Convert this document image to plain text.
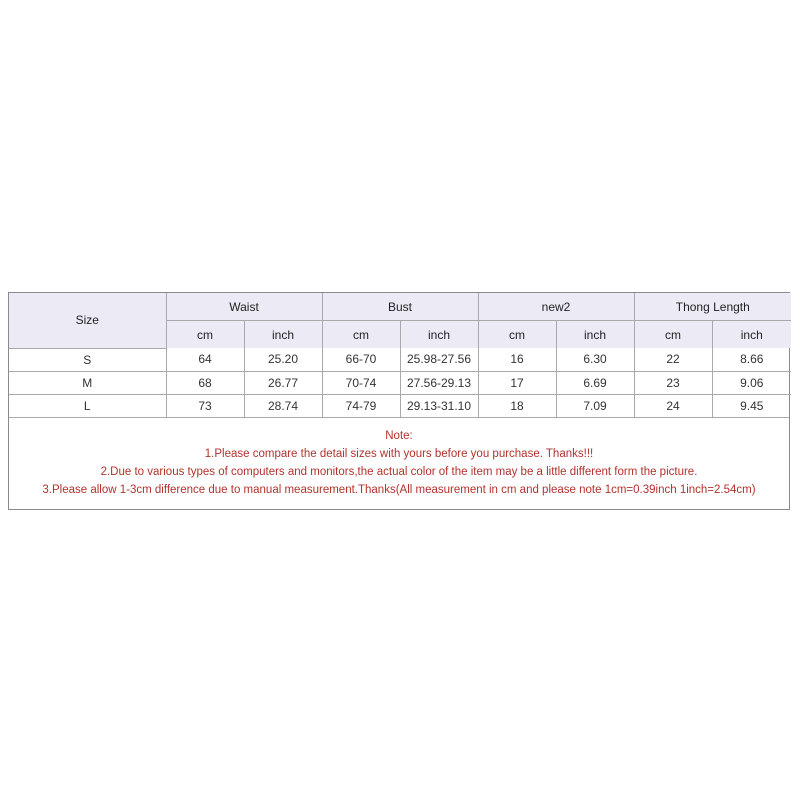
Size	Waist		Bust		new2		Thong Length	
	cm	inch	cm	inch	cm	inch	cm	inch
S	64	25.20	66-70	25.98-27.56	16	6.30	22	8.66
M	68	26.77	70-74	27.56-29.13	17	6.69	23	9.06
L	73	28.74	74-79	29.13-31.10	18	7.09	24	9.45
Note:
1.Please compare the detail sizes with yours before you purchase. Thanks!!!
2.Due to various types of computers and monitors,the actual color of the item may be a little different form the picture.
3.Please allow 1-3cm difference due to manual measurement.Thanks(All measurement in cm and please note 1cm=0.39inch 1inch=2.54cm)
